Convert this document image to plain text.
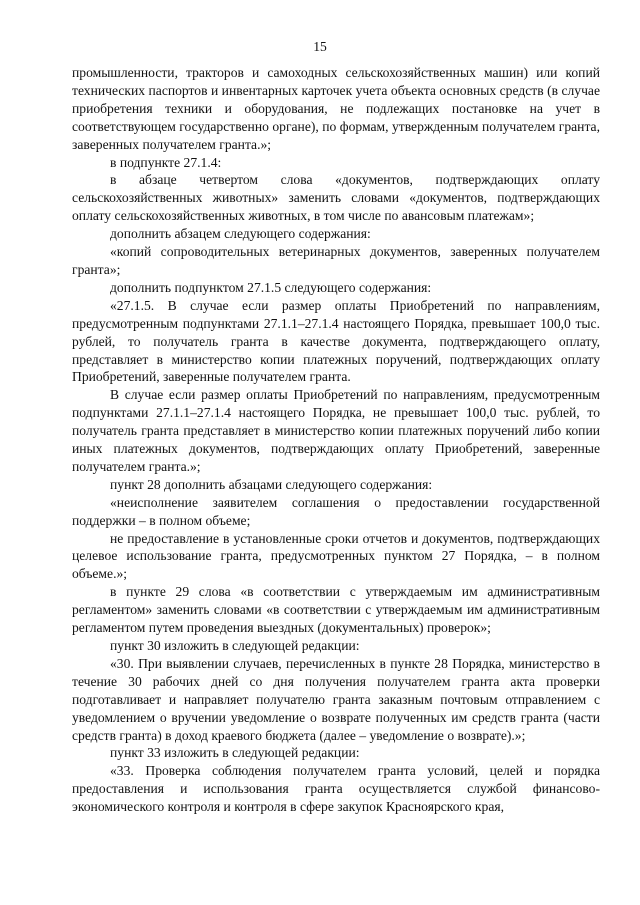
15

промышленности, тракторов и самоходных сельскохозяйственных машин) или копий технических паспортов и инвентарных карточек учета объекта основных средств (в случае приобретения техники и оборудования, не подлежащих постановке на учет в соответствующем государственно органе), по формам, утвержденным получателем гранта, заверенных получателем гранта.»;

в подпункте 27.1.4:

в абзаце четвертом слова «документов, подтверждающих оплату сельскохозяйственных животных» заменить словами «документов, подтверждающих оплату сельскохозяйственных животных, в том числе по авансовым платежам»;

дополнить абзацем следующего содержания:

«копий сопроводительных ветеринарных документов, заверенных получателем гранта»;

дополнить подпунктом 27.1.5 следующего содержания:

«27.1.5. В случае если размер оплаты Приобретений по направлениям, предусмотренным подпунктами 27.1.1–27.1.4 настоящего Порядка, превышает 100,0 тыс. рублей, то получатель гранта в качестве документа, подтверждающего оплату, представляет в министерство копии платежных поручений, подтверждающих оплату Приобретений, заверенные получателем гранта.

В случае если размер оплаты Приобретений по направлениям, предусмотренным подпунктами 27.1.1–27.1.4 настоящего Порядка, не превышает 100,0 тыс. рублей, то получатель гранта представляет в министерство копии платежных поручений либо копии иных платежных документов, подтверждающих оплату Приобретений, заверенные получателем гранта.»;

пункт 28 дополнить абзацами следующего содержания:

«неисполнение заявителем соглашения о предоставлении государственной поддержки – в полном объеме;

не предоставление в установленные сроки отчетов и документов, подтверждающих целевое использование гранта, предусмотренных пунктом 27 Порядка, – в полном объеме.»;

в пункте 29 слова «в соответствии с утверждаемым им административным регламентом» заменить словами «в соответствии с утверждаемым им административным регламентом путем проведения выездных (документальных) проверок»;

пункт 30 изложить в следующей редакции:

«30. При выявлении случаев, перечисленных в пункте 28 Порядка, министерство в течение 30 рабочих дней со дня получения получателем гранта акта проверки подготавливает и направляет получателю гранта заказным почтовым отправлением с уведомлением о вручении уведомление о возврате полученных им средств гранта (части средств гранта) в доход краевого бюджета (далее – уведомление о возврате).»;

пункт 33 изложить в следующей редакции:

«33. Проверка соблюдения получателем гранта условий, целей и порядка предоставления и использования гранта осуществляется службой финансово-экономического контроля и контроля в сфере закупок Красноярского края,
